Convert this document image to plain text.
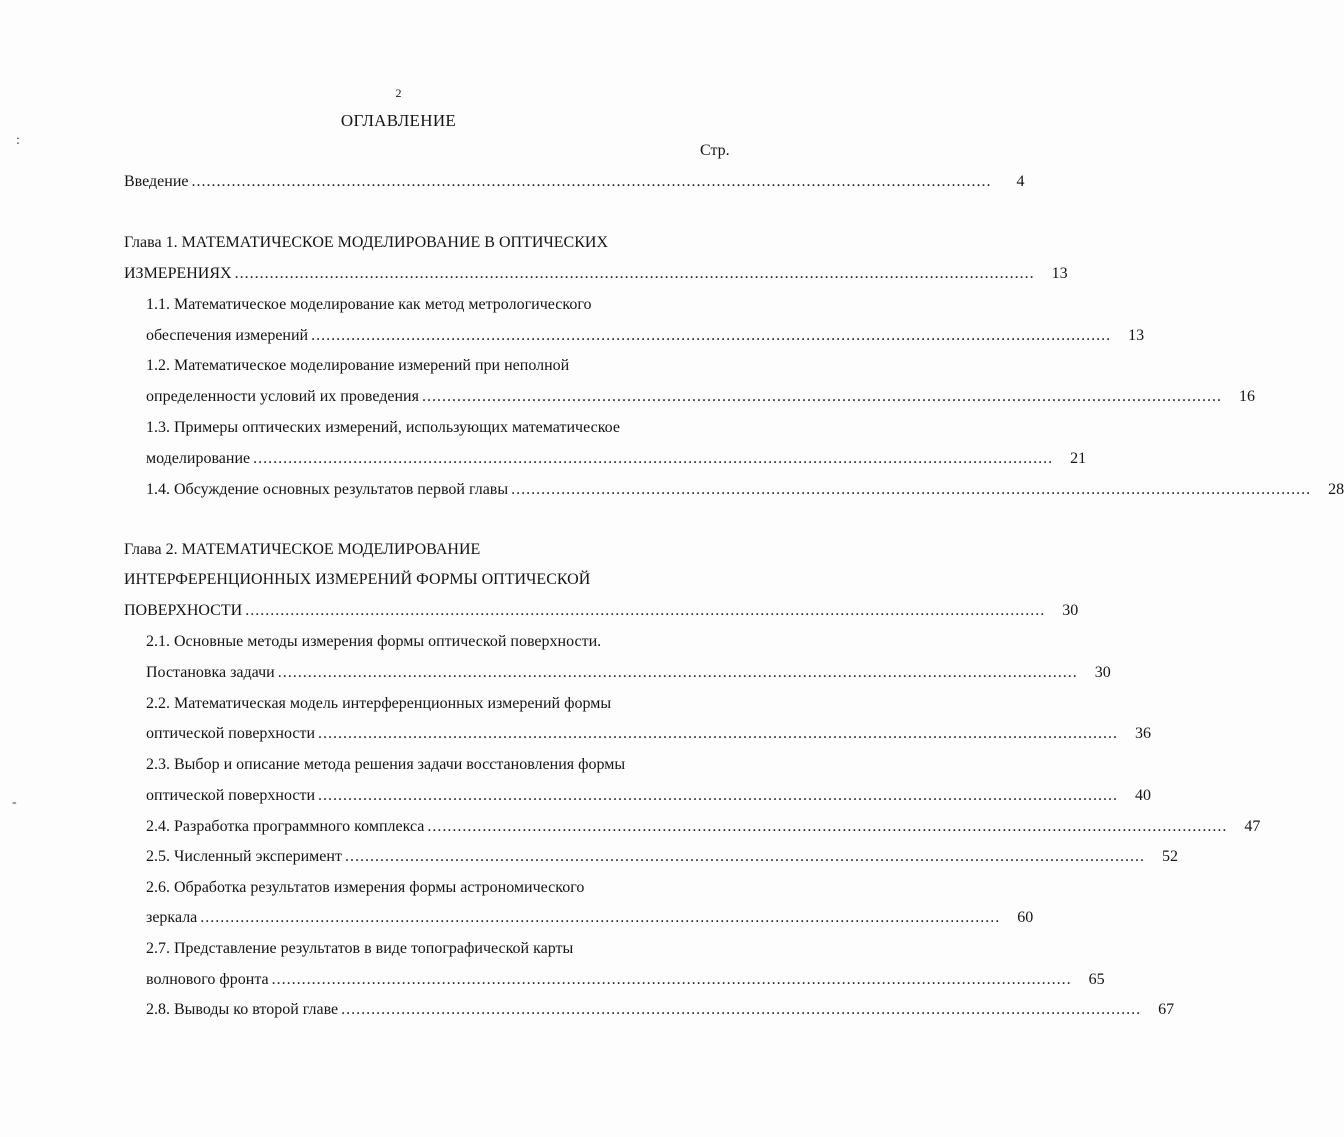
2
ОГЛАВЛЕНИЕ
Стр.
:
-
Введение ................................................................................................................................................................	4
Глава 1. МАТЕМАТИЧЕСКОЕ МОДЕЛИРОВАНИЕ В ОПТИЧЕСКИХ
ИЗМЕРЕНИЯХ ................................................................................................................................................................	13
1.1. Математическое моделирование как метод метрологического
обеспечения измерений ................................................................................................................................................................	13
1.2. Математическое моделирование измерений при неполной
определенности условий их проведения ................................................................................................................................................................	16
1.3. Примеры оптических измерений, использующих математическое
моделирование ................................................................................................................................................................	21
1.4. Обсуждение основных результатов первой главы ................................................................................................................................................................	28
Глава 2. МАТЕМАТИЧЕСКОЕ МОДЕЛИРОВАНИЕ
ИНТЕРФЕРЕНЦИОННЫХ ИЗМЕРЕНИЙ ФОРМЫ ОПТИЧЕСКОЙ
ПОВЕРХНОСТИ ................................................................................................................................................................	30
2.1. Основные методы измерения формы оптической поверхности.
Постановка задачи ................................................................................................................................................................	30
2.2. Математическая модель интерференционных измерений формы
оптической поверхности ................................................................................................................................................................	36
2.3. Выбор и описание метода решения задачи восстановления формы
оптической поверхности ................................................................................................................................................................	40
2.4. Разработка программного комплекса ................................................................................................................................................................	47
2.5. Численный эксперимент ................................................................................................................................................................	52
2.6. Обработка результатов измерения формы астрономического
зеркала ................................................................................................................................................................	60
2.7. Представление результатов в виде топографической карты
волнового фронта ................................................................................................................................................................	65
2.8. Выводы ко второй главе ................................................................................................................................................................	67
